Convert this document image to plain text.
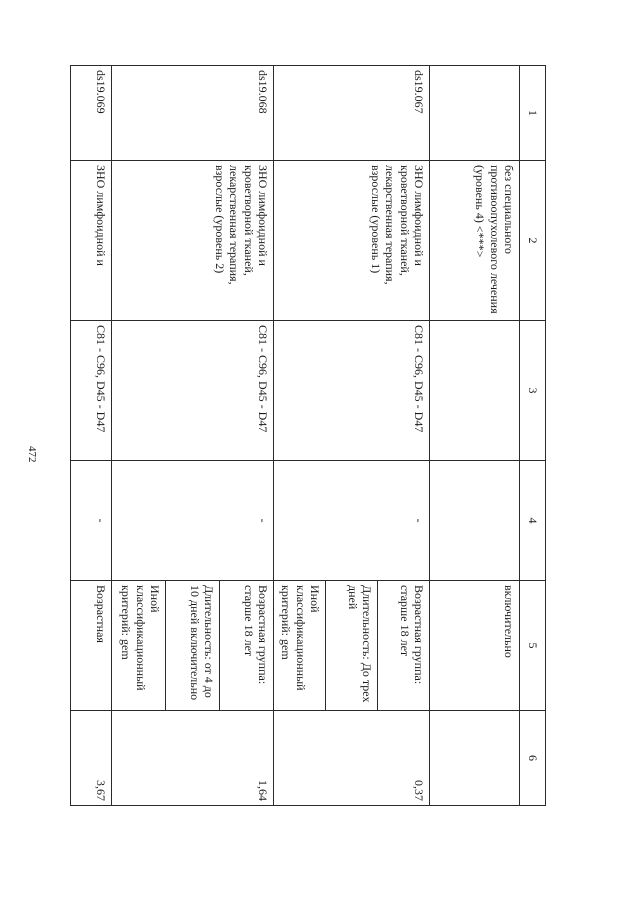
472
1	2	3	4	5	6
	без специального противоопухолевого лечения (уровень 4) <***>			включительно	
ds19.067	ЗНО лимфоидной и кроветворной тканей, лекарственная терапия, взрослые (уровень 1)	C81 - C96, D45 - D47	-	Возрастная группа: старше 18 лет	0,37
				Длительность: До трех дней	
				Иной классификационный критерий: gem	
ds19.068	ЗНО лимфоидной и кроветворной тканей, лекарственная терапия, взрослые (уровень 2)	C81 - C96, D45 - D47	-	Возрастная группа: старше 18 лет	1,64
				Длительность: от 4 до 10 дней включительно	
				Иной классификационный критерий: gem	
ds19.069	ЗНО лимфоидной и	C81 - C96, D45 - D47	-	Возрастная	3,67
